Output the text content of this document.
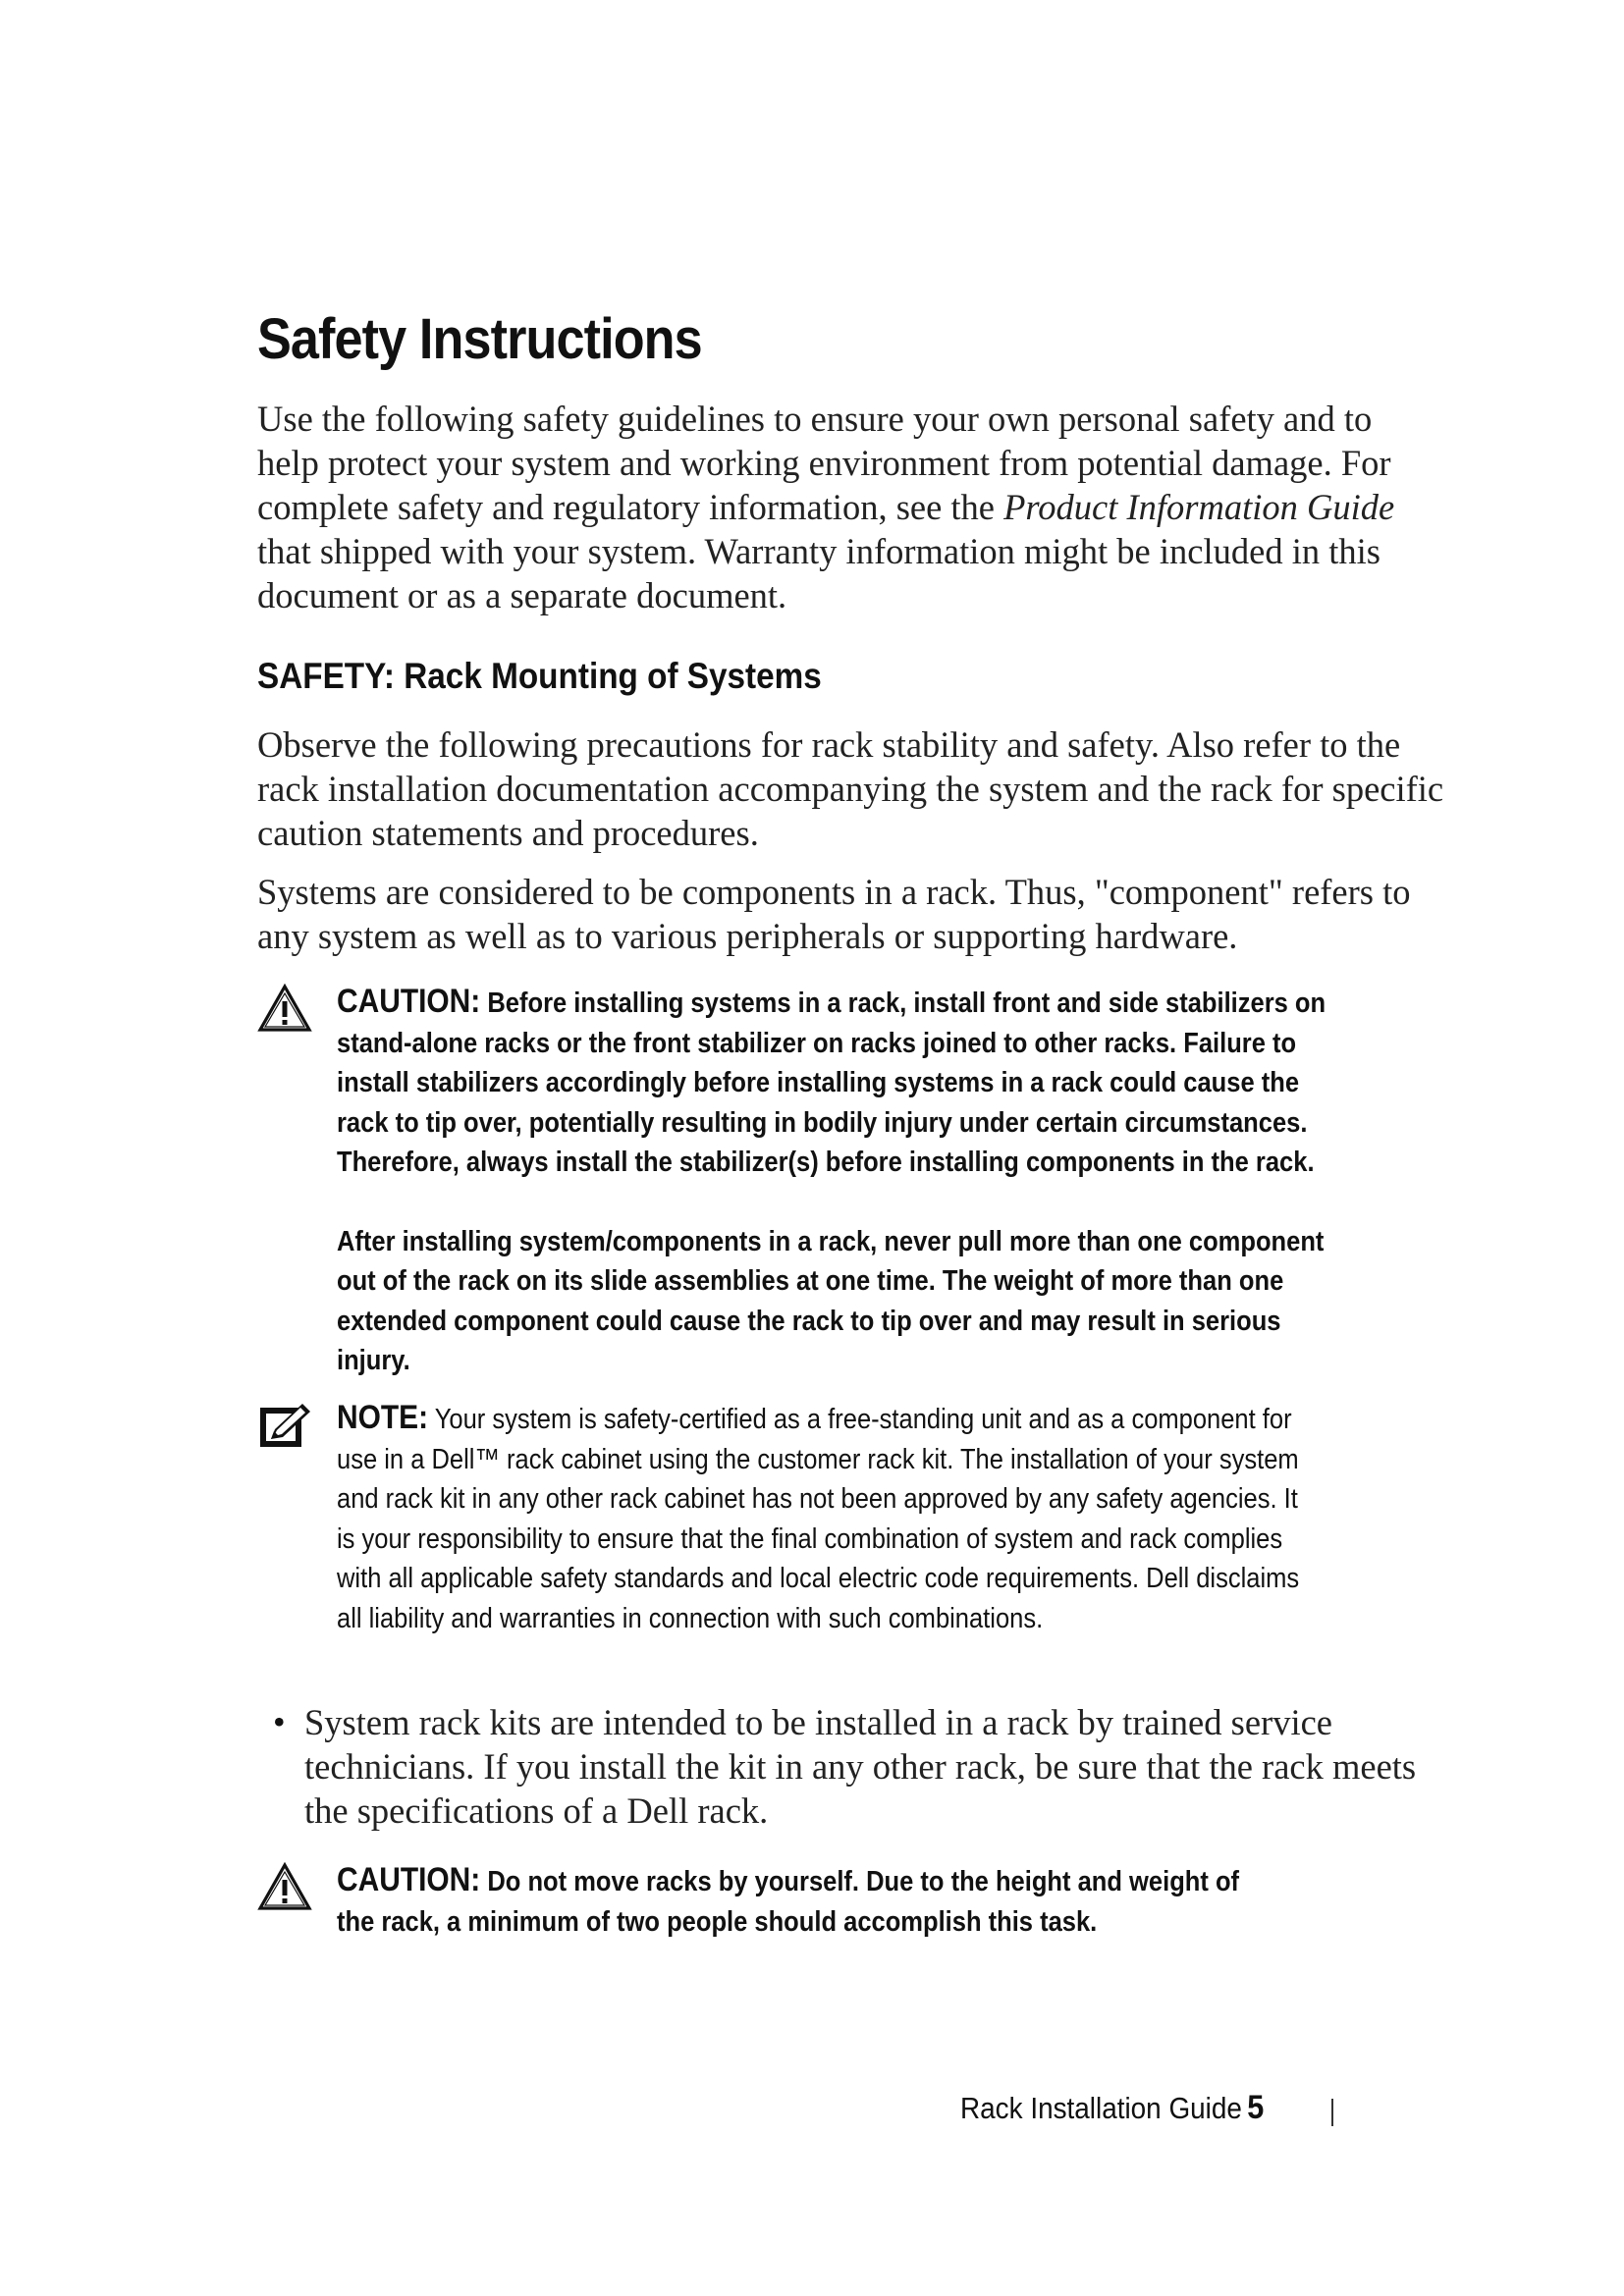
Safety Instructions

Use the following safety guidelines to ensure your own personal safety and to help protect your system and working environment from potential damage. For complete safety and regulatory information, see the Product Information Guide that shipped with your system. Warranty information might be included in this document or as a separate document.

SAFETY: Rack Mounting of Systems

Observe the following precautions for rack stability and safety. Also refer to the rack installation documentation accompanying the system and the rack for specific caution statements and procedures.

Systems are considered to be components in a rack. Thus, "component" refers to any system as well as to various peripherals or supporting hardware.

CAUTION: Before installing systems in a rack, install front and side stabilizers on stand-alone racks or the front stabilizer on racks joined to other racks. Failure to install stabilizers accordingly before installing systems in a rack could cause the rack to tip over, potentially resulting in bodily injury under certain circumstances. Therefore, always install the stabilizer(s) before installing components in the rack.

After installing system/components in a rack, never pull more than one component out of the rack on its slide assemblies at one time. The weight of more than one extended component could cause the rack to tip over and may result in serious injury.

NOTE: Your system is safety-certified as a free-standing unit and as a component for use in a Dell™ rack cabinet using the customer rack kit. The installation of your system and rack kit in any other rack cabinet has not been approved by any safety agencies. It is your responsibility to ensure that the final combination of system and rack complies with all applicable safety standards and local electric code requirements. Dell disclaims all liability and warranties in connection with such combinations.

• System rack kits are intended to be installed in a rack by trained service technicians. If you install the kit in any other rack, be sure that the rack meets the specifications of a Dell rack.

CAUTION: Do not move racks by yourself. Due to the height and weight of the rack, a minimum of two people should accomplish this task.

Rack Installation Guide 5
